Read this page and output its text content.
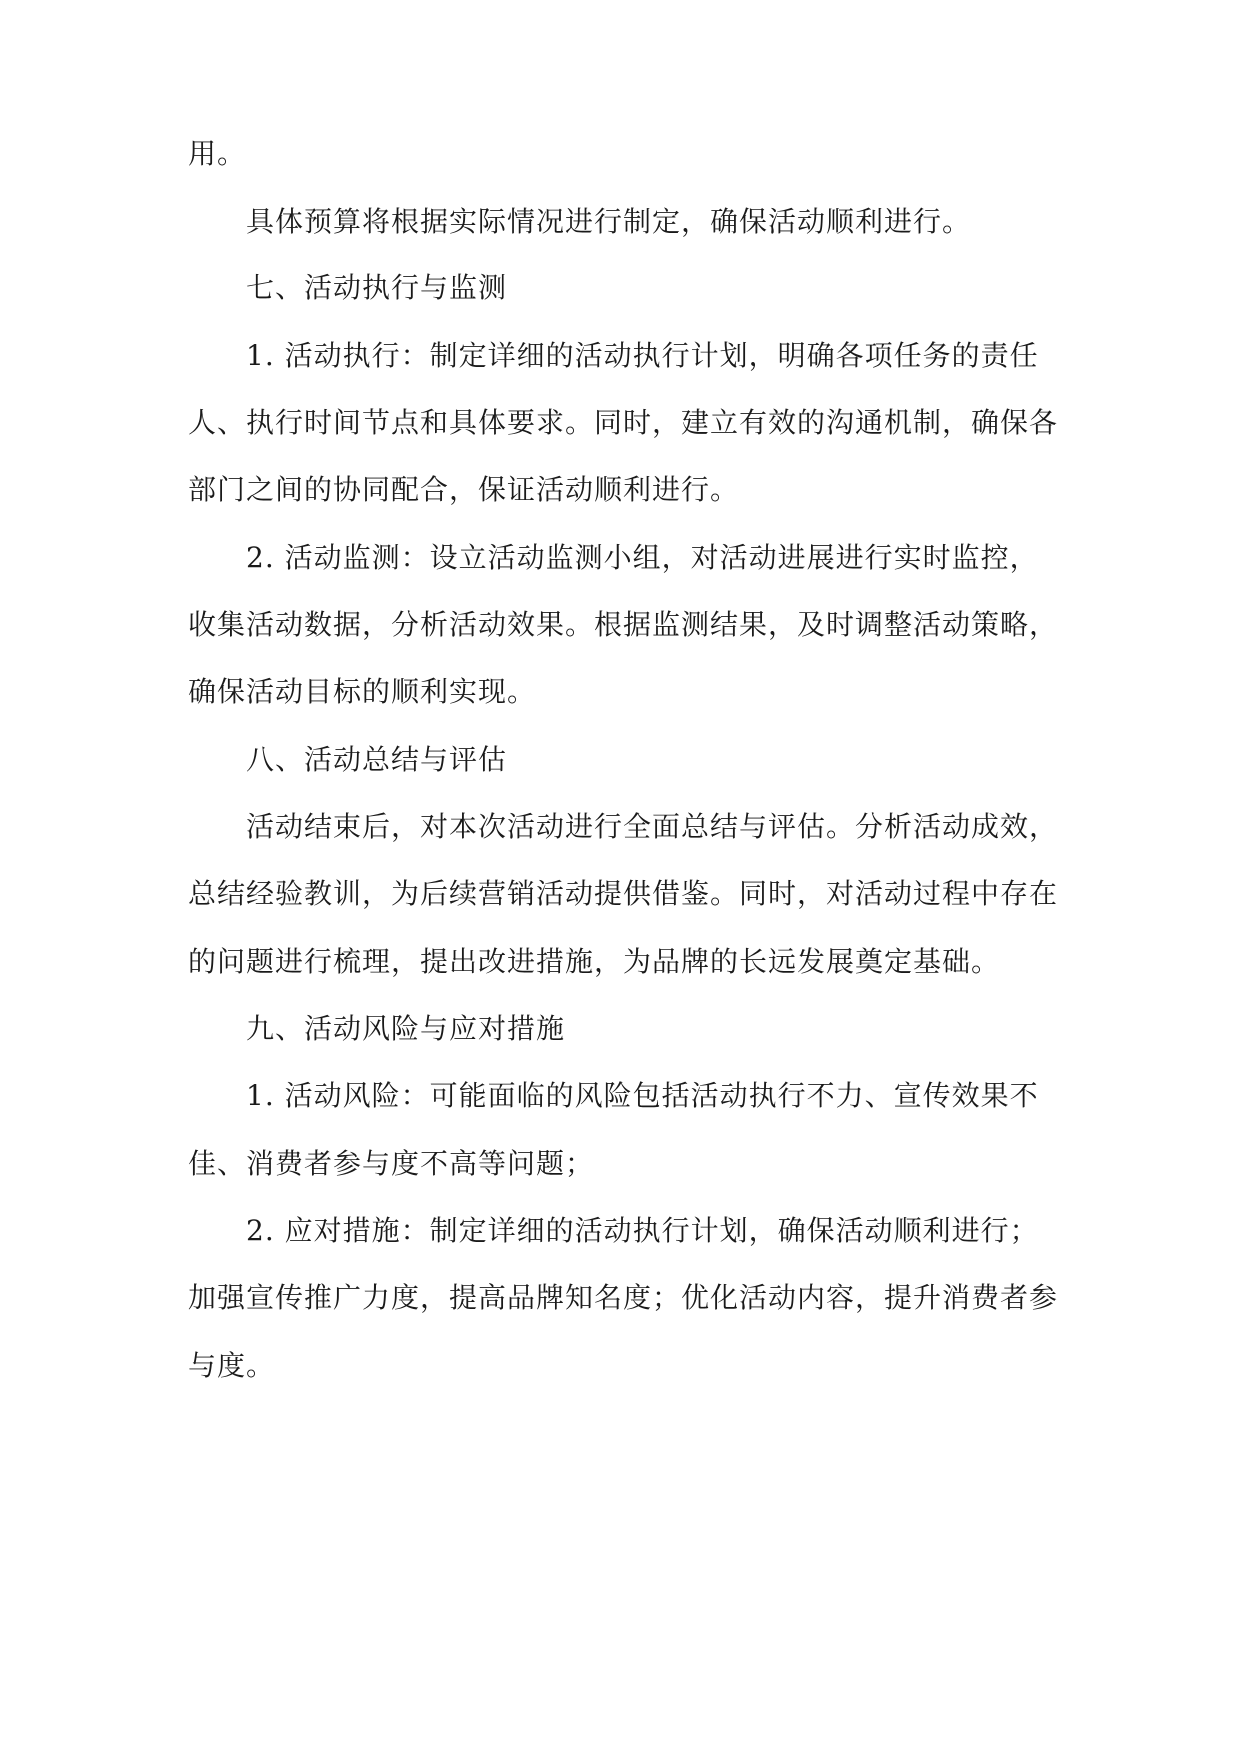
用。

具体预算将根据实际情况进行制定，确保活动顺利进行。

七、活动执行与监测

1. 活动执行：制定详细的活动执行计划，明确各项任务的责任

人、执行时间节点和具体要求。同时，建立有效的沟通机制，确保各

部门之间的协同配合，保证活动顺利进行。

2. 活动监测：设立活动监测小组，对活动进展进行实时监控，

收集活动数据，分析活动效果。根据监测结果，及时调整活动策略，

确保活动目标的顺利实现。

八、活动总结与评估

活动结束后，对本次活动进行全面总结与评估。分析活动成效，

总结经验教训，为后续营销活动提供借鉴。同时，对活动过程中存在

的问题进行梳理，提出改进措施，为品牌的长远发展奠定基础。

九、活动风险与应对措施

1. 活动风险：可能面临的风险包括活动执行不力、宣传效果不

佳、消费者参与度不高等问题；

2. 应对措施：制定详细的活动执行计划，确保活动顺利进行；

加强宣传推广力度，提高品牌知名度；优化活动内容，提升消费者参

与度。
